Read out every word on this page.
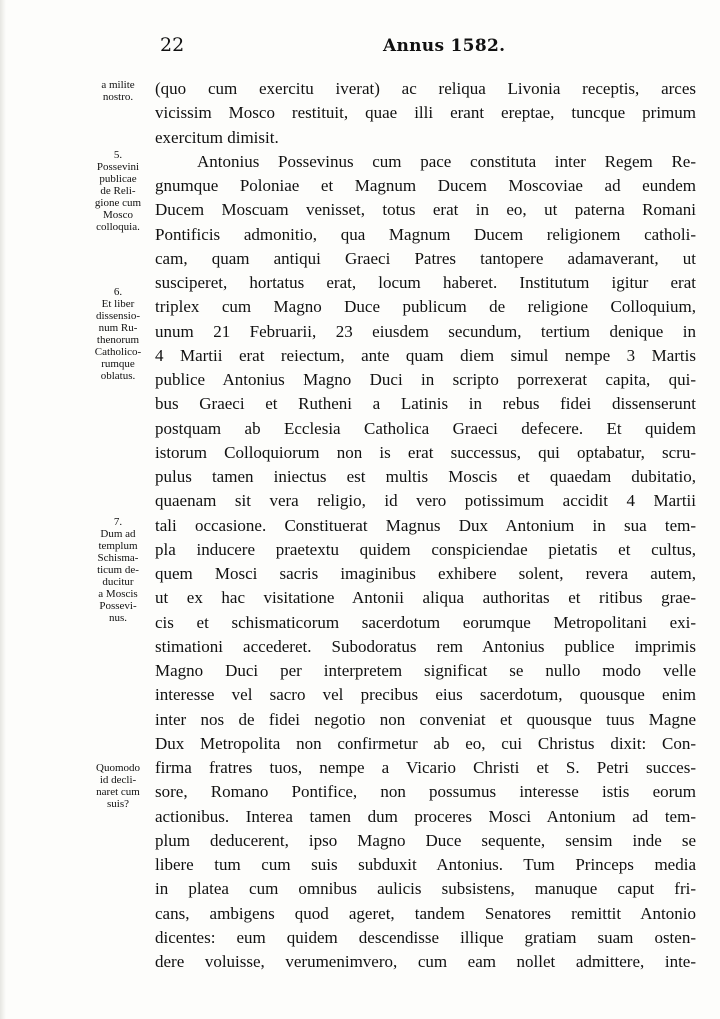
22	Annus 1582.
a milite
nostro.
5.
Possevini
publicae
de Reli-
gione cum
Mosco
colloquia.
6.
Et liber
dissensio-
num Ru-
thenorum
Catholico-
rumque
oblatus.
7.
Dum ad
templum
Schisma-
ticum de-
ducitur
a Moscis
Possevi-
nus.
Quomodo
id decli-
naret cum
suis?
(quo cum exercitu iverat) ac reliqua Livonia receptis, arces
vicissim Mosco restituit, quae illi erant ereptae, tuncque primum
exercitum dimisit.
Antonius Possevinus cum pace constituta inter Regem Re-
gnumque Poloniae et Magnum Ducem Moscoviae ad eundem
Ducem Moscuam venisset, totus erat in eo, ut paterna Romani
Pontificis admonitio, qua Magnum Ducem religionem catholi-
cam, quam antiqui Graeci Patres tantopere adamaverant, ut
susciperet, hortatus erat, locum haberet. Institutum igitur erat
triplex cum Magno Duce publicum de religione Colloquium,
unum 21 Februarii, 23 eiusdem secundum, tertium denique in
4 Martii erat reiectum, ante quam diem simul nempe 3 Martis
publice Antonius Magno Duci in scripto porrexerat capita, qui-
bus Graeci et Rutheni a Latinis in rebus fidei dissenserunt
postquam ab Ecclesia Catholica Graeci defecere. Et quidem
istorum Colloquiorum non is erat successus, qui optabatur, scru-
pulus tamen iniectus est multis Moscis et quaedam dubitatio,
quaenam sit vera religio, id vero potissimum accidit 4 Martii
tali occasione. Constituerat Magnus Dux Antonium in sua tem-
pla inducere praetextu quidem conspiciendae pietatis et cultus,
quem Mosci sacris imaginibus exhibere solent, revera autem,
ut ex hac visitatione Antonii aliqua authoritas et ritibus grae-
cis et schismaticorum sacerdotum eorumque Metropolitani exi-
stimationi accederet. Subodoratus rem Antonius publice imprimis
Magno Duci per interpretem significat se nullo modo velle
interesse vel sacro vel precibus eius sacerdotum, quousque enim
inter nos de fidei negotio non conveniat et quousque tuus Magne
Dux Metropolita non confirmetur ab eo, cui Christus dixit: Con-
firma fratres tuos, nempe a Vicario Christi et S. Petri succes-
sore, Romano Pontifice, non possumus interesse istis eorum
actionibus. Interea tamen dum proceres Mosci Antonium ad tem-
plum deducerent, ipso Magno Duce sequente, sensim inde se
libere tum cum suis subduxit Antonius. Tum Princeps media
in platea cum omnibus aulicis subsistens, manuque caput fri-
cans, ambigens quod ageret, tandem Senatores remittit Antonio
dicentes: eum quidem descendisse illique gratiam suam osten-
dere voluisse, verumenimvero, cum eam nollet admittere, inte-
